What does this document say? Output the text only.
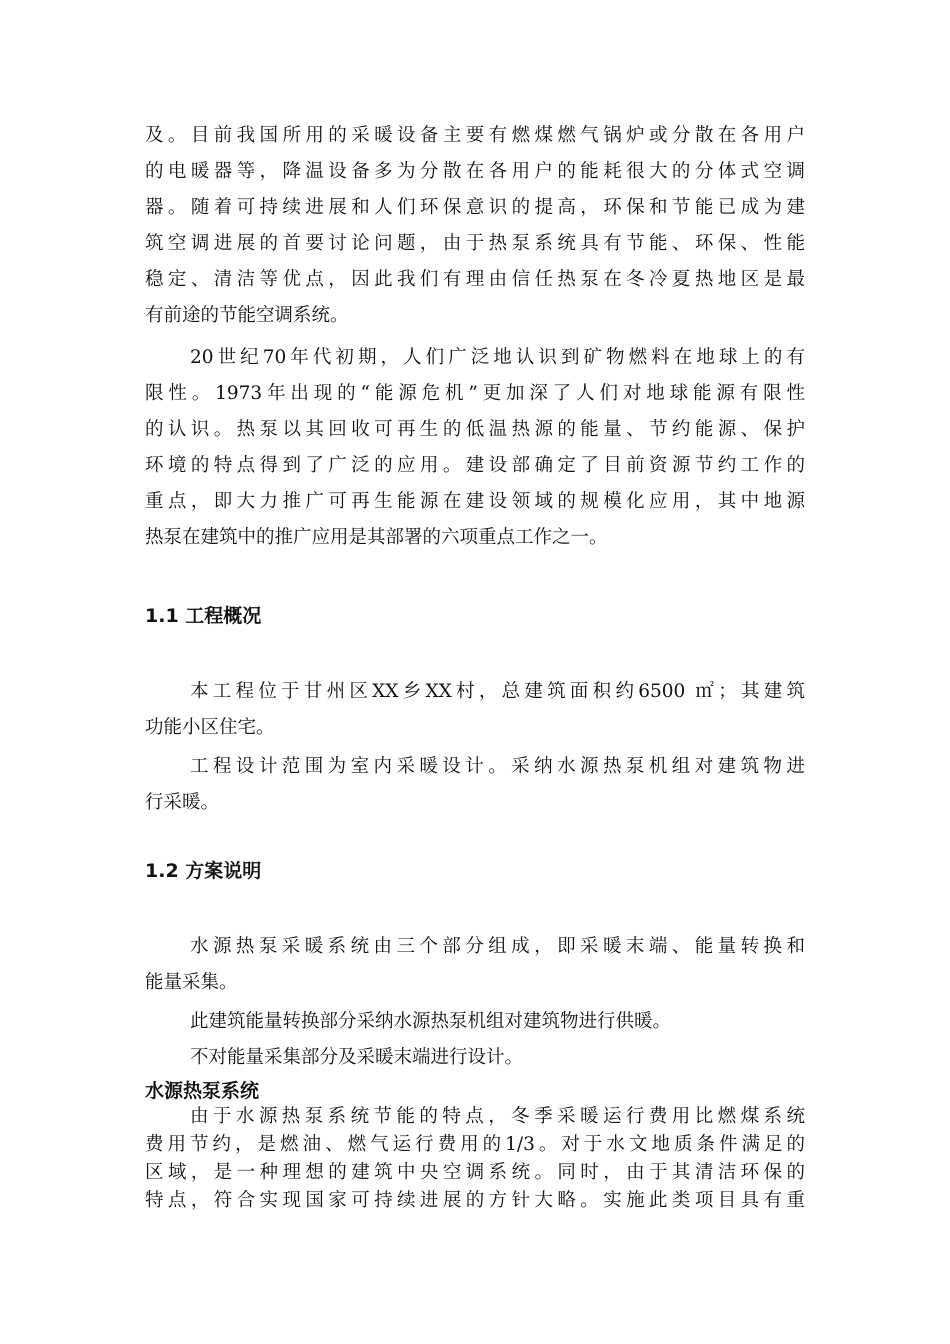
及。目前我国所用的采暖设备主要有燃煤燃气锅炉或分散在各用户
的电暖器等，降温设备多为分散在各用户的能耗很大的分体式空调
器。随着可持续进展和人们环保意识的提高，环保和节能已成为建
筑空调进展的首要讨论问题，由于热泵系统具有节能、环保、性能
稳定、清洁等优点，因此我们有理由信任热泵在冬冷夏热地区是最
有前途的节能空调系统。
20世纪70年代初期，人们广泛地认识到矿物燃料在地球上的有
限性。1973年出现的“能源危机”更加深了人们对地球能源有限性
的认识。热泵以其回收可再生的低温热源的能量、节约能源、保护
环境的特点得到了广泛的应用。建设部确定了目前资源节约工作的
重点，即大力推广可再生能源在建设领域的规模化应用，其中地源
热泵在建筑中的推广应用是其部署的六项重点工作之一。
1.1 工程概况
本工程位于甘州区XX乡XX村，总建筑面积约6500 ㎡；其建筑
功能小区住宅。
工程设计范围为室内采暖设计。采纳水源热泵机组对建筑物进
行采暖。
1.2 方案说明
水源热泵采暖系统由三个部分组成，即采暖末端、能量转换和
能量采集。
此建筑能量转换部分采纳水源热泵机组对建筑物进行供暖。
不对能量采集部分及采暖末端进行设计。
水源热泵系统
由于水源热泵系统节能的特点，冬季采暖运行费用比燃煤系统
费用节约，是燃油、燃气运行费用的1/3。对于水文地质条件满足的
区域，是一种理想的建筑中央空调系统。同时，由于其清洁环保的
特点，符合实现国家可持续进展的方针大略。实施此类项目具有重
